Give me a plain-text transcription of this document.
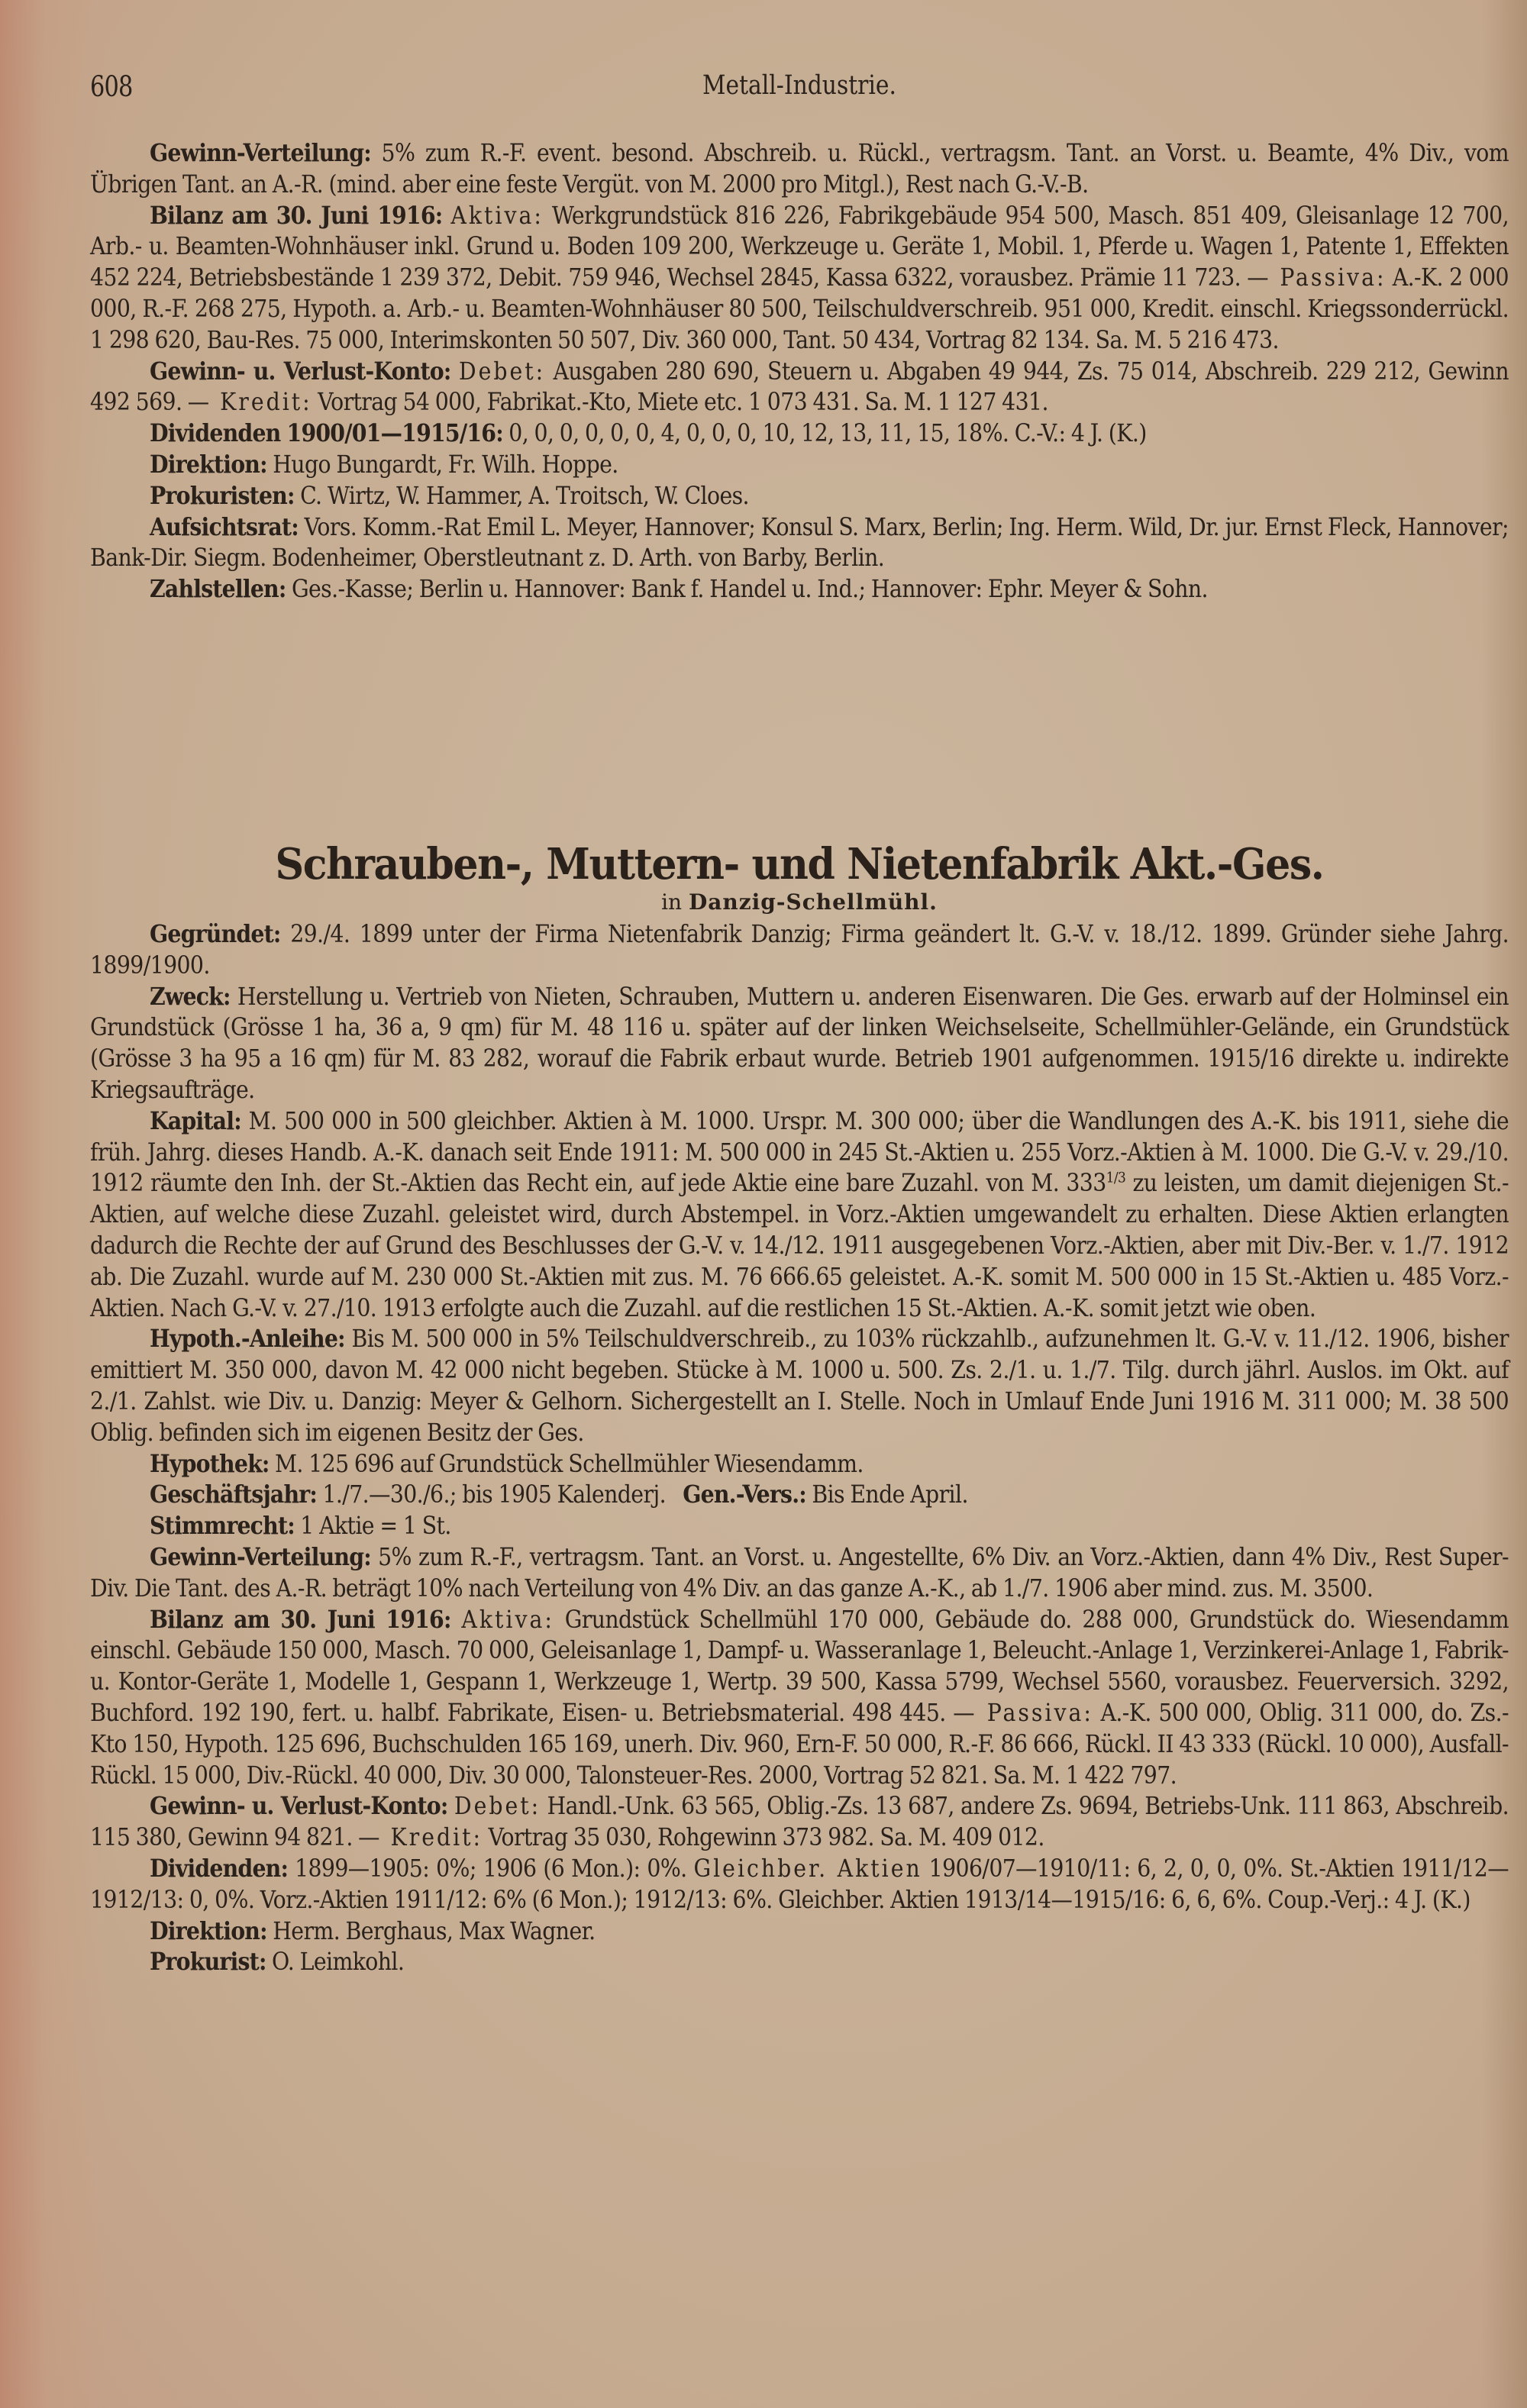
608	Metall-Industrie.

Gewinn-Verteilung: 5% zum R.-F. event. besond. Abschreib. u. Rückl., vertragsm. Tant. an Vorst. u. Beamte, 4% Div., vom Übrigen Tant. an A.-R. (mind. aber eine feste Vergüt. von M. 2000 pro Mitgl.), Rest nach G.-V.-B.

Bilanz am 30. Juni 1916: Aktiva: Werkgrundstück 816 226, Fabrikgebäude 954 500, Masch. 851 409, Gleisanlage 12 700, Arb.- u. Beamten-Wohnhäuser inkl. Grund u. Boden 109 200, Werkzeuge u. Geräte 1, Mobil. 1, Pferde u. Wagen 1, Patente 1, Effekten 452 224, Betriebsbestände 1 239 372, Debit. 759 946, Wechsel 2845, Kassa 6322, vorausbez. Prämie 11 723. — Passiva: A.-K. 2 000 000, R.-F. 268 275, Hypoth. a. Arb.- u. Beamten-Wohnhäuser 80 500, Teilschuldverschreib. 951 000, Kredit. einschl. Kriegssonderrückl. 1 298 620, Bau-Res. 75 000, Interimskonten 50 507, Div. 360 000, Tant. 50 434, Vortrag 82 134. Sa. M. 5 216 473.

Gewinn- u. Verlust-Konto: Debet: Ausgaben 280 690, Steuern u. Abgaben 49 944, Zs. 75 014, Abschreib. 229 212, Gewinn 492 569. — Kredit: Vortrag 54 000, Fabrikat.-Kto, Miete etc. 1 073 431. Sa. M. 1 127 431.

Dividenden 1900/01—1915/16: 0, 0, 0, 0, 0, 0, 4, 0, 0, 0, 10, 12, 13, 11, 15, 18%. C.-V.: 4 J. (K.)

Direktion: Hugo Bungardt, Fr. Wilh. Hoppe.

Prokuristen: C. Wirtz, W. Hammer, A. Troitsch, W. Cloes.

Aufsichtsrat: Vors. Komm.-Rat Emil L. Meyer, Hannover; Konsul S. Marx, Berlin; Ing. Herm. Wild, Dr. jur. Ernst Fleck, Hannover; Bank-Dir. Siegm. Bodenheimer, Oberstleutnant z. D. Arth. von Barby, Berlin.

Zahlstellen: Ges.-Kasse; Berlin u. Hannover: Bank f. Handel u. Ind.; Hannover: Ephr. Meyer & Sohn.

Schrauben-, Muttern- und Nietenfabrik Akt.-Ges.

in Danzig-Schellmühl.

Gegründet: 29./4. 1899 unter der Firma Nietenfabrik Danzig; Firma geändert lt. G.-V. v. 18./12. 1899. Gründer siehe Jahrg. 1899/1900.

Zweck: Herstellung u. Vertrieb von Nieten, Schrauben, Muttern u. anderen Eisenwaren. Die Ges. erwarb auf der Holminsel ein Grundstück (Grösse 1 ha, 36 a, 9 qm) für M. 48 116 u. später auf der linken Weichselseite, Schellmühler-Gelände, ein Grundstück (Grösse 3 ha 95 a 16 qm) für M. 83 282, worauf die Fabrik erbaut wurde. Betrieb 1901 aufgenommen. 1915/16 direkte u. indirekte Kriegsaufträge.

Kapital: M. 500 000 in 500 gleichber. Aktien à M. 1000. Urspr. M. 300 000; über die Wandlungen des A.-K. bis 1911, siehe die früh. Jahrg. dieses Handb. A.-K. danach seit Ende 1911: M. 500 000 in 245 St.-Aktien u. 255 Vorz.-Aktien à M. 1000. Die G.-V. v. 29./10. 1912 räumte den Inh. der St.-Aktien das Recht ein, auf jede Aktie eine bare Zuzahl. von M. $333^{1/3}$ zu leisten, um damit diejenigen St.-Aktien, auf welche diese Zuzahl. geleistet wird, durch Abstempel. in Vorz.-Aktien umgewandelt zu erhalten. Diese Aktien erlangten dadurch die Rechte der auf Grund des Beschlusses der G.-V. v. 14./12. 1911 ausgegebenen Vorz.-Aktien, aber mit Div.-Ber. v. 1./7. 1912 ab. Die Zuzahl. wurde auf M. 230 000 St.-Aktien mit zus. M. 76 666.65 geleistet. A.-K. somit M. 500 000 in 15 St.-Aktien u. 485 Vorz.-Aktien. Nach G.-V. v. 27./10. 1913 erfolgte auch die Zuzahl. auf die restlichen 15 St.-Aktien. A.-K. somit jetzt wie oben.

Hypoth.-Anleihe: Bis M. 500 000 in 5% Teilschuldverschreib., zu 103% rückzahlb., aufzunehmen lt. G.-V. v. 11./12. 1906, bisher emittiert M. 350 000, davon M. 42 000 nicht begeben. Stücke à M. 1000 u. 500. Zs. 2./1. u. 1./7. Tilg. durch jährl. Auslos. im Okt. auf 2./1. Zahlst. wie Div. u. Danzig: Meyer & Gelhorn. Sichergestellt an I. Stelle. Noch in Umlauf Ende Juni 1916 M. 311 000; M. 38 500 Oblig. befinden sich im eigenen Besitz der Ges.

Hypothek: M. 125 696 auf Grundstück Schellmühler Wiesendamm.

Geschäftsjahr: 1./7.—30./6.; bis 1905 Kalenderj. Gen.-Vers.: Bis Ende April.

Stimmrecht: 1 Aktie = 1 St.

Gewinn-Verteilung: 5% zum R.-F., vertragsm. Tant. an Vorst. u. Angestellte, 6% Div. an Vorz.-Aktien, dann 4% Div., Rest Super-Div. Die Tant. des A.-R. beträgt 10% nach Verteilung von 4% Div. an das ganze A.-K., ab 1./7. 1906 aber mind. zus. M. 3500.

Bilanz am 30. Juni 1916: Aktiva: Grundstück Schellmühl 170 000, Gebäude do. 288 000, Grundstück do. Wiesendamm einschl. Gebäude 150 000, Masch. 70 000, Geleisanlage 1, Dampf- u. Wasseranlage 1, Beleucht.-Anlage 1, Verzinkerei-Anlage 1, Fabrik- u. Kontor-Geräte 1, Modelle 1, Gespann 1, Werkzeuge 1, Wertp. 39 500, Kassa 5799, Wechsel 5560, vorausbez. Feuerversich. 3292, Buchford. 192 190, fert. u. halbf. Fabrikate, Eisen- u. Betriebsmaterial. 498 445. — Passiva: A.-K. 500 000, Oblig. 311 000, do. Zs.-Kto 150, Hypoth. 125 696, Buchschulden 165 169, unerh. Div. 960, Ern-F. 50 000, R.-F. 86 666, Rückl. II 43 333 (Rückl. 10 000), Ausfall-Rückl. 15 000, Div.-Rückl. 40 000, Div. 30 000, Talonsteuer-Res. 2000, Vortrag 52 821. Sa. M. 1 422 797.

Gewinn- u. Verlust-Konto: Debet: Handl.-Unk. 63 565, Oblig.-Zs. 13 687, andere Zs. 9694, Betriebs-Unk. 111 863, Abschreib. 115 380, Gewinn 94 821. — Kredit: Vortrag 35 030, Rohgewinn 373 982. Sa. M. 409 012.

Dividenden: 1899—1905: 0%; 1906 (6 Mon.): 0%. Gleichber. Aktien 1906/07—1910/11: 6, 2, 0, 0, 0%. St.-Aktien 1911/12—1912/13: 0, 0%. Vorz.-Aktien 1911/12: 6% (6 Mon.); 1912/13: 6%. Gleichber. Aktien 1913/14—1915/16: 6, 6, 6%. Coup.-Verj.: 4 J. (K.)

Direktion: Herm. Berghaus, Max Wagner.

Prokurist: O. Leimkohl.
